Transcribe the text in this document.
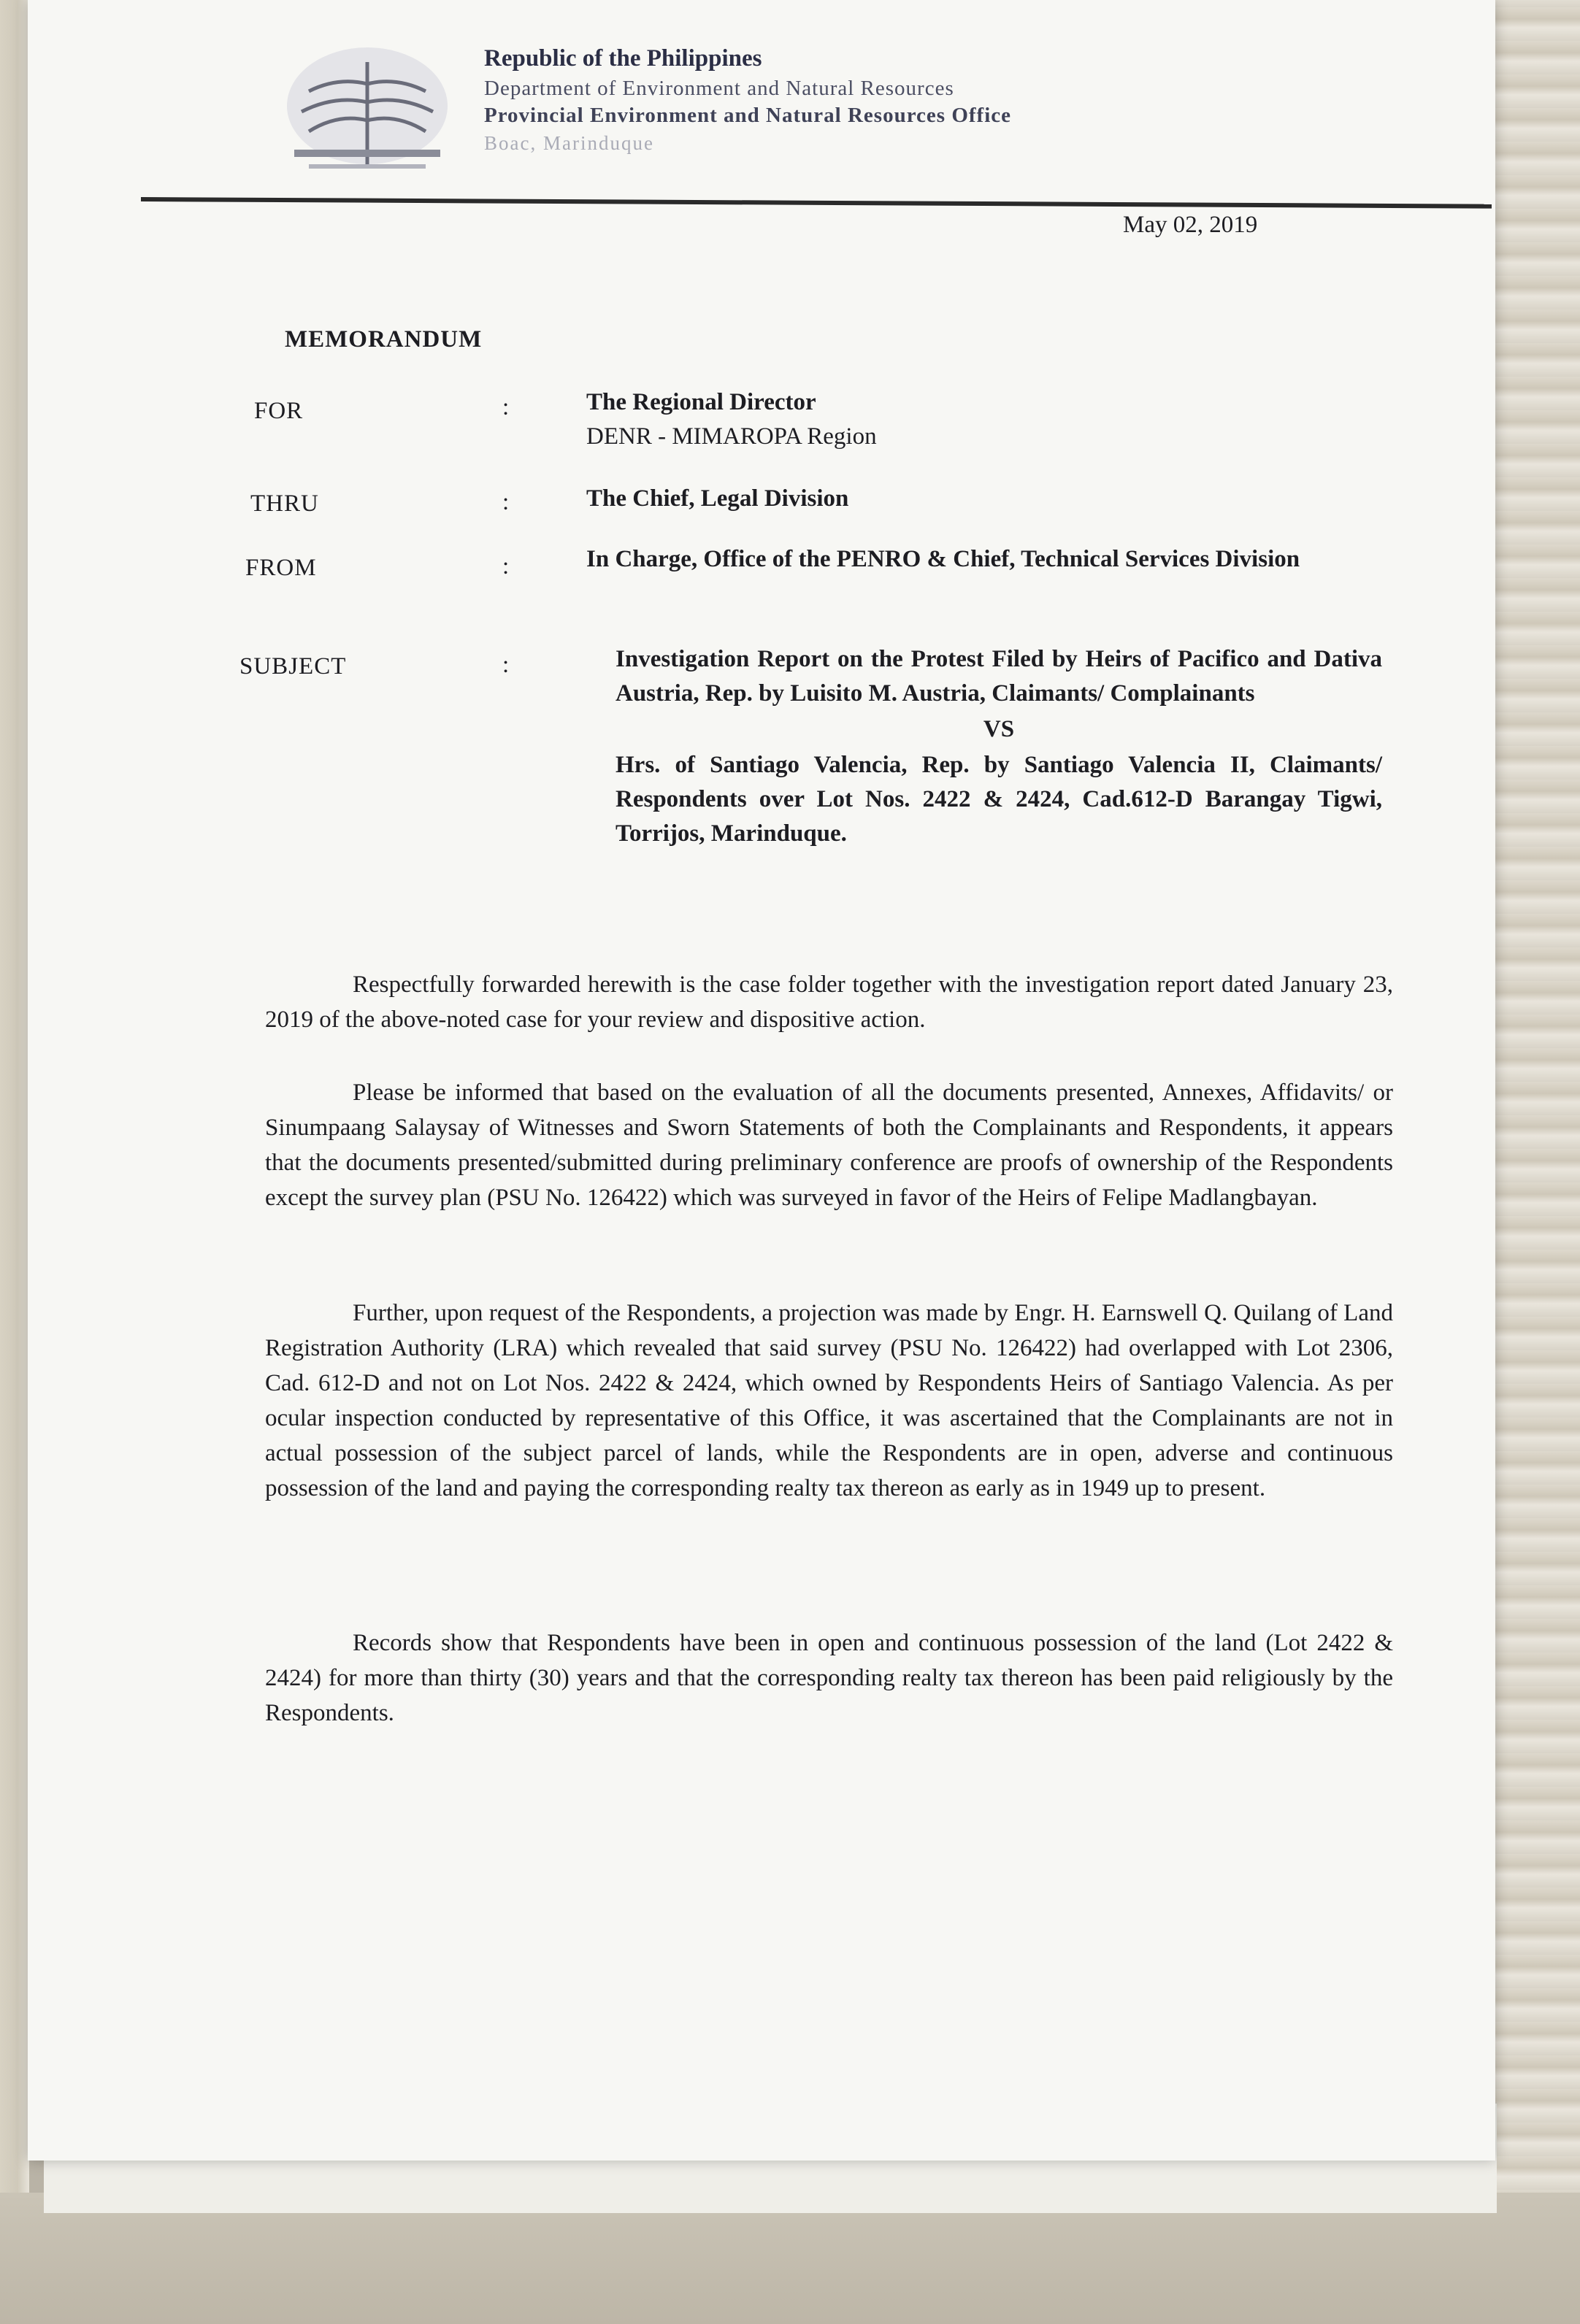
Republic of the Philippines
Department of Environment and Natural Resources
Provincial Environment and Natural Resources Office
Boac, Marinduque
May 02, 2019
MEMORANDUM
FOR	:	The Regional Director
DENR - MIMAROPA Region
THRU	:	The Chief, Legal Division
FROM	:	In Charge, Office of the PENRO & Chief, Technical Services Division
SUBJECT	:	Investigation Report on the Protest Filed by Heirs of Pacifico and Dativa Austria, Rep. by Luisito M. Austria, Claimants/ Complainants
VS
Hrs. of Santiago Valencia, Rep. by Santiago Valencia II, Claimants/ Respondents over Lot Nos. 2422 & 2424, Cad.612-D Barangay Tigwi, Torrijos, Marinduque.
Respectfully forwarded herewith is the case folder together with the investigation report dated January 23, 2019 of the above-noted case for your review and dispositive action.
Please be informed that based on the evaluation of all the documents presented, Annexes, Affidavits/ or Sinumpaang Salaysay of Witnesses and Sworn Statements of both the Complainants and Respondents, it appears that the documents presented/submitted during preliminary conference are proofs of ownership of the Respondents except the survey plan (PSU No. 126422) which was surveyed in favor of the Heirs of Felipe Madlangbayan.
Further, upon request of the Respondents, a projection was made by Engr. H. Earnswell Q. Quilang of Land Registration Authority (LRA) which revealed that said survey (PSU No. 126422) had overlapped with Lot 2306, Cad. 612-D and not on Lot Nos. 2422 & 2424, which owned by Respondents Heirs of Santiago Valencia. As per ocular inspection conducted by representative of this Office, it was ascertained that the Complainants are not in actual possession of the subject parcel of lands, while the Respondents are in open, adverse and continuous possession of the land and paying the corresponding realty tax thereon as early as in 1949 up to present.
Records show that Respondents have been in open and continuous possession of the land (Lot 2422 & 2424) for more than thirty (30) years and that the corresponding realty tax thereon has been paid religiously by the Respondents.
